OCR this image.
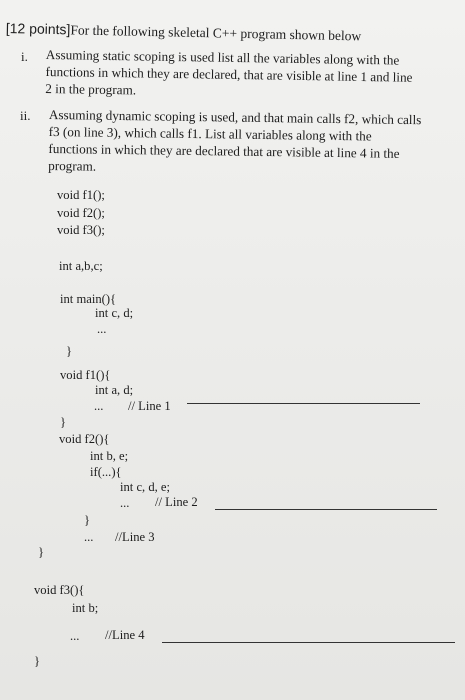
[12 points]For the following skeletal C++ program shown below
i. Assuming static scoping is used list all the variables along with the
functions in which they are declared, that are visible at line 1 and line
2 in the program.
ii. Assuming dynamic scoping is used, and that main calls f2, which calls
f3 (on line 3), which calls f1. List all variables along with the
functions in which they are declared that are visible at line 4 in the
program.
void f1();
void f2();
void f3();
int a,b,c;
int main(){
int c, d;
...
}
void f1(){
int a, d;
... // Line 1
}
void f2(){
int b, e;
if(...){
int c, d, e;
... // Line 2
}
... //Line 3
}
void f3(){
int b;
... //Line 4
}
